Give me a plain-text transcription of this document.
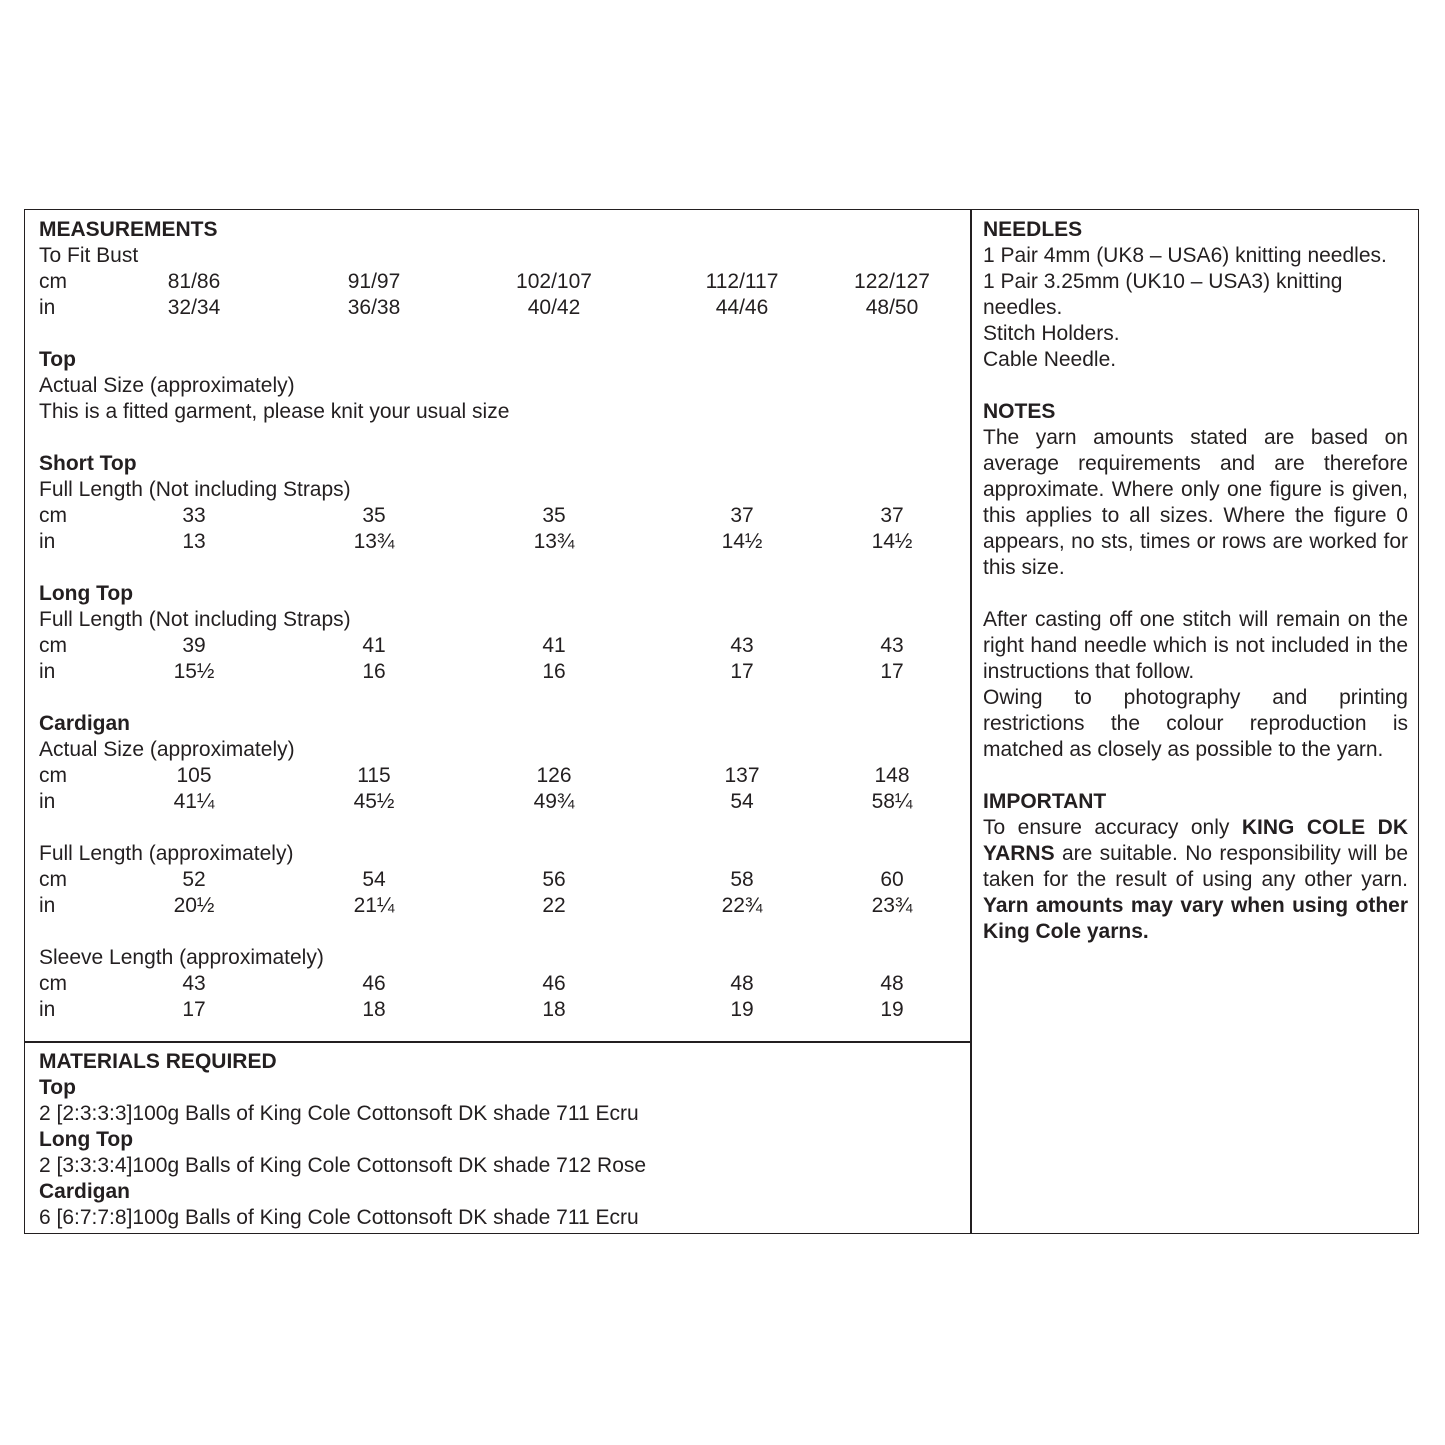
MEASUREMENTS
To Fit Bust
cm	81/86	91/97	102/107	112/117	122/127
in	32/34	36/38	40/42	44/46	48/50
Top
Actual Size (approximately)
This is a fitted garment, please knit your usual size
Short Top
Full Length (Not including Straps)
cm	33	35	35	37	37
in	13	13¾	13¾	14½	14½
Long Top
Full Length (Not including Straps)
cm	39	41	41	43	43
in	15½	16	16	17	17
Cardigan
Actual Size (approximately)
cm	105	115	126	137	148
in	41¼	45½	49¾	54	58¼
Full Length (approximately)
cm	52	54	56	58	60
in	20½	21¼	22	22¾	23¾
Sleeve Length (approximately)
cm	43	46	46	48	48
in	17	18	18	19	19
MATERIALS REQUIRED
Top
2 [2:3:3:3]100g Balls of King Cole Cottonsoft DK shade 711 Ecru
Long Top
2 [3:3:3:4]100g Balls of King Cole Cottonsoft DK shade 712 Rose
Cardigan
6 [6:7:7:8]100g Balls of King Cole Cottonsoft DK shade 711 Ecru
NEEDLES
1 Pair 4mm (UK8 – USA6) knitting needles.
1 Pair 3.25mm (UK10 – USA3) knitting needles.
Stitch Holders.
Cable Needle.
NOTES
The yarn amounts stated are based on average requirements and are therefore approximate. Where only one figure is given, this applies to all sizes. Where the figure 0 appears, no sts, times or rows are worked for this size.
After casting off one stitch will remain on the right hand needle which is not included in the instructions that follow.
Owing to photography and printing restrictions the colour reproduction is matched as closely as possible to the yarn.
IMPORTANT
To ensure accuracy only KING COLE DK YARNS are suitable. No responsibility will be taken for the result of using any other yarn. Yarn amounts may vary when using other King Cole yarns.
